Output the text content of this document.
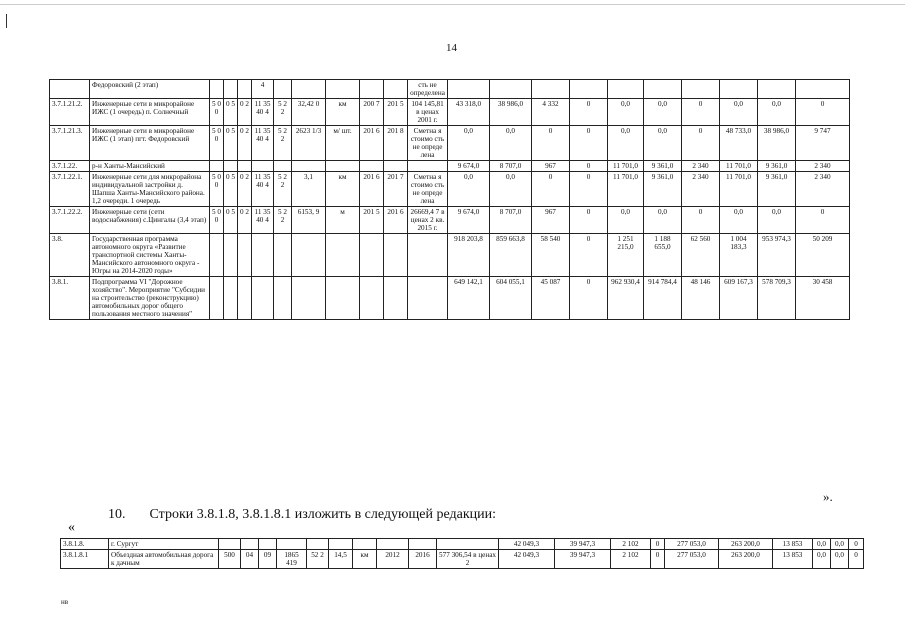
14
	Федоровский (2 этап)				4						сть не определена										
3.7.1.21.2.	Инженерные сети в микрорайоне ИЖС (1 очередь) п. Солнечный	5 0 0	0 5	0 2	11 35 40 4	5 2 2	32,42 0	км	200 7	201 5	104 145,81 в ценах 2001 г.	43 318,0	38 986,0	4 332	0	0,0	0,0	0	0,0	0,0	0
3.7.1.21.3.	Инженерные сети в микрорайоне ИЖС (1 этап) пгт. Федоровский	5 0 0	0 5	0 2	11 35 40 4	5 2 2	2623 1/3	м/ шт.	201 6	201 8	Сметна я стоимо сть не опреде лена	0,0	0,0	0	0	0,0	0,0	0	48 733,0	38 986,0	9 747
3.7.1.22.	р-н Ханты-Мансийский											9 674,0	8 707,0	967	0	11 701,0	9 361,0	2 340	11 701,0	9 361,0	2 340
3.7.1.22.1.	Инженерные сети для микрорайона индивидуальной застройки д. Шапша Ханты-Мансийского района. 1,2 очереди. 1 очередь	5 0 0	0 5	0 2	11 35 40 4	5 2 2	3,1	км	201 6	201 7	Сметна я стоимо сть не опреде лена	0,0	0,0	0	0	11 701,0	9 361,0	2 340	11 701,0	9 361,0	2 340
3.7.1.22.2.	Инженерные сети (сети водоснабжения) с.Цингалы (3,4 этап)	5 0 0	0 5	0 2	11 35 40 4	5 2 2	6153, 9	м	201 5	201 6	26669,4 7 в ценах 2 кв. 2015 г.	9 674,0	8 707,0	967	0	0,0	0,0	0	0,0	0,0	0
3.8.	Государственная программа автономного округа «Развитие транспортной системы Ханты-Мансийского автономного округа - Югры на 2014-2020 годы»											918 203,8	859 663,8	58 540	0	1 251 215,0	1 188 655,0	62 560	1 004 183,3	953 974,3	50 209
3.8.1.	Подпрограмма VI "Дорожное хозяйство". Мероприятие "Субсидии на строительство (реконструкцию) автомобильных дорог общего пользования местного значения"											649 142,1	604 055,1	45 087	0	962 930,4	914 784,4	48 146	609 167,3	578 709,3	30 458
».
10. Строки 3.8.1.8, 3.8.1.8.1 изложить в следующей редакции:
«
3.8.1.8.	г. Сургут											42 049,3	39 947,3	2 102	0	277 053,0	263 200,0	13 853	0,0	0,0	0
3.8.1.8.1	Объездная автомобильная дорога к дачным	500	04	09	1865 419	52 2	14,5	км	2012	2016	577 306,54 в ценах 2	42 049,3	39 947,3	2 102	0	277 053,0	263 200,0	13 853	0,0	0,0	0
нв
